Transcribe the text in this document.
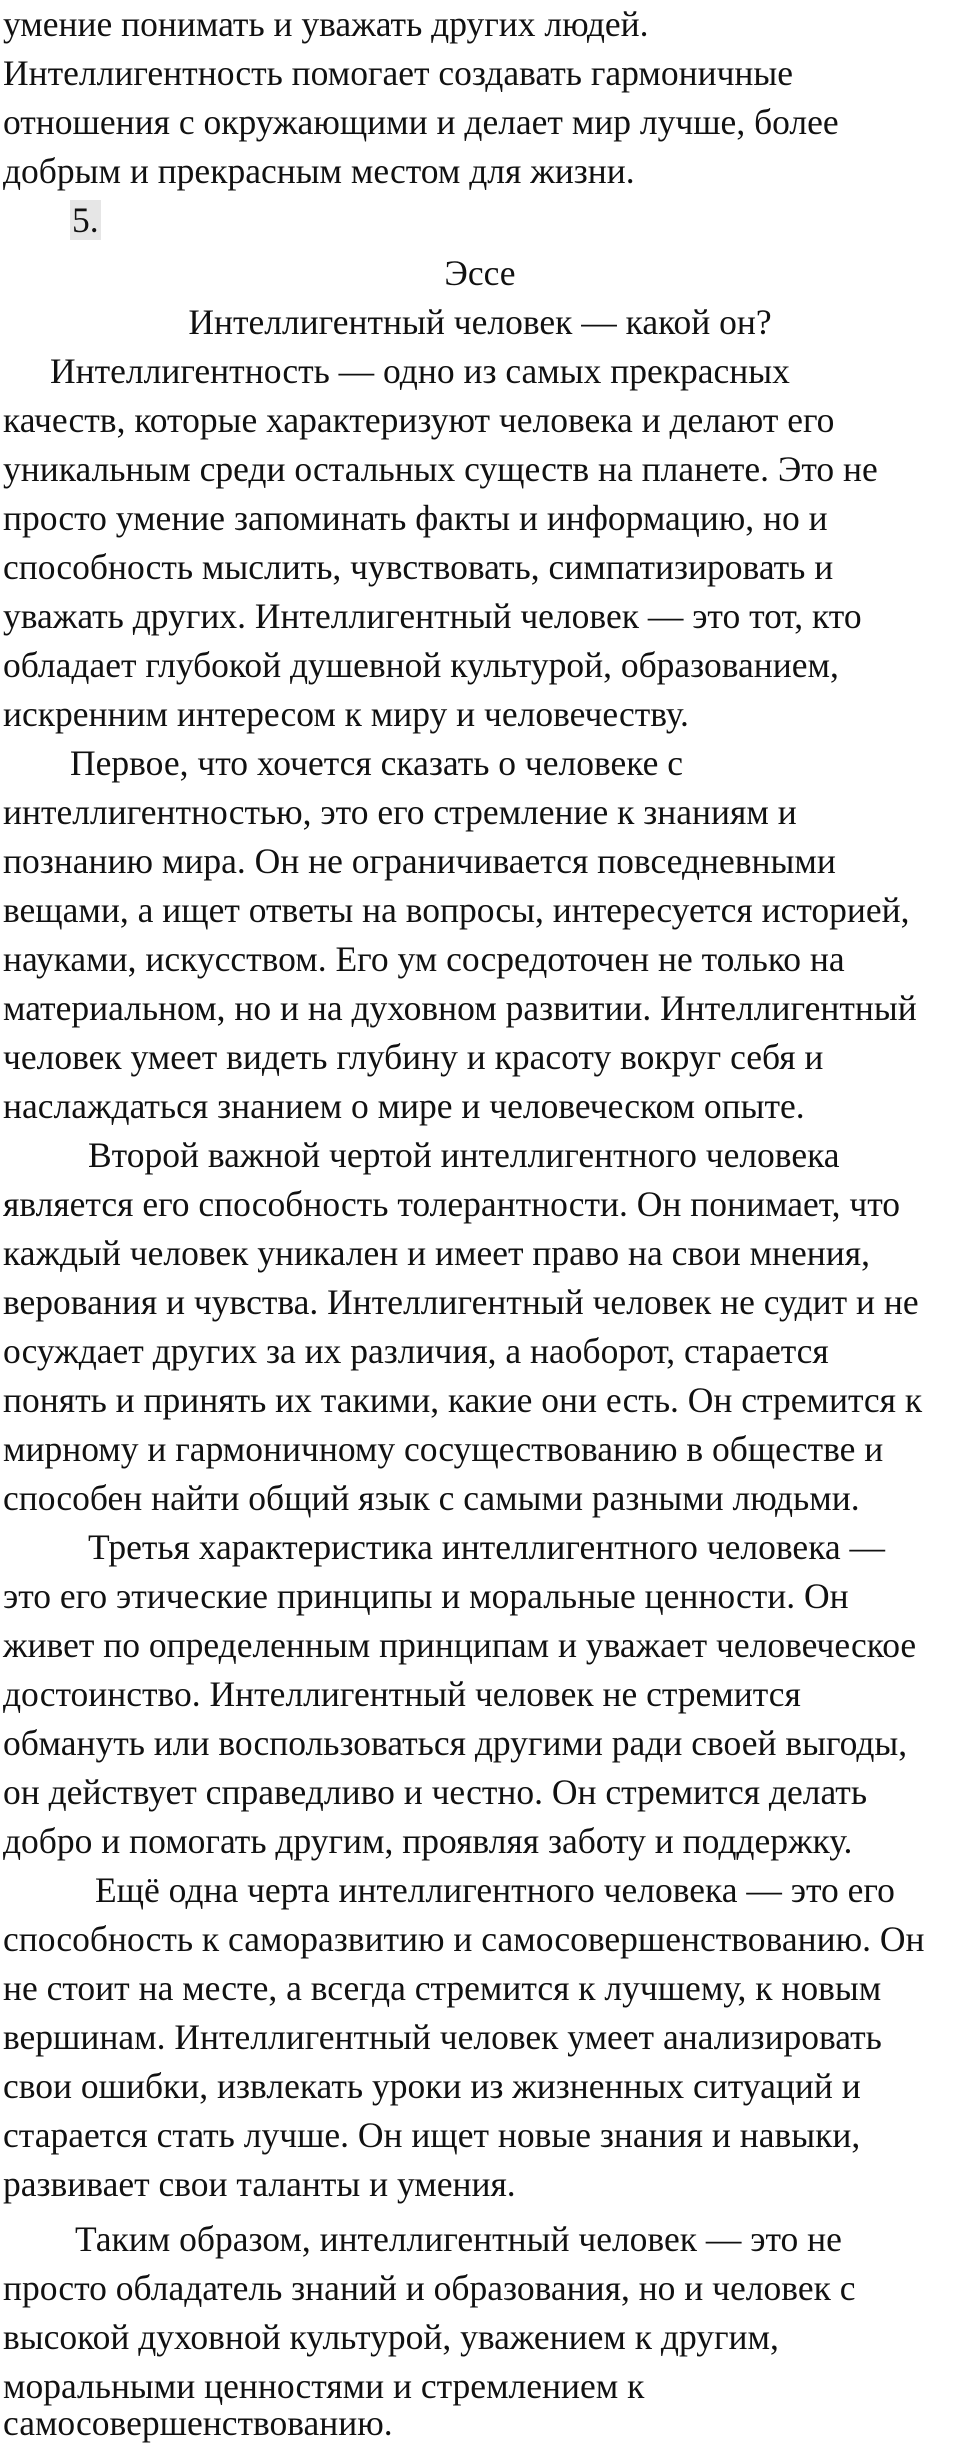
умение понимать и уважать других людей.
Интеллигентность помогает создавать гармоничные
отношения с окружающими и делает мир лучше, более
добрым и прекрасным местом для жизни.
5.
Эссе
Интеллигентный человек — какой он?
Интеллигентность — одно из самых прекрасных
качеств, которые характеризуют человека и делают его
уникальным среди остальных существ на планете. Это не
просто умение запоминать факты и информацию, но и
способность мыслить, чувствовать, симпатизировать и
уважать других. Интеллигентный человек — это тот, кто
обладает глубокой душевной культурой, образованием,
искренним интересом к миру и человечеству.
Первое, что хочется сказать о человеке с
интеллигентностью, это его стремление к знаниям и
познанию мира. Он не ограничивается повседневными
вещами, а ищет ответы на вопросы, интересуется историей,
науками, искусством. Его ум сосредоточен не только на
материальном, но и на духовном развитии. Интеллигентный
человек умеет видеть глубину и красоту вокруг себя и
наслаждаться знанием о мире и человеческом опыте.
Второй важной чертой интеллигентного человека
является его способность толерантности. Он понимает, что
каждый человек уникален и имеет право на свои мнения,
верования и чувства. Интеллигентный человек не судит и не
осуждает других за их различия, а наоборот, старается
понять и принять их такими, какие они есть. Он стремится к
мирному и гармоничному сосуществованию в обществе и
способен найти общий язык с самыми разными людьми.
Третья характеристика интеллигентного человека —
это его этические принципы и моральные ценности. Он
живет по определенным принципам и уважает человеческое
достоинство. Интеллигентный человек не стремится
обмануть или воспользоваться другими ради своей выгоды,
он действует справедливо и честно. Он стремится делать
добро и помогать другим, проявляя заботу и поддержку.
Ещё одна черта интеллигентного человека — это его
способность к саморазвитию и самосовершенствованию. Он
не стоит на месте, а всегда стремится к лучшему, к новым
вершинам. Интеллигентный человек умеет анализировать
свои ошибки, извлекать уроки из жизненных ситуаций и
старается стать лучше. Он ищет новые знания и навыки,
развивает свои таланты и умения.
Таким образом, интеллигентный человек — это не
просто обладатель знаний и образования, но и человек с
высокой духовной культурой, уважением к другим,
моральными ценностями и стремлением к
самосовершенствованию.
